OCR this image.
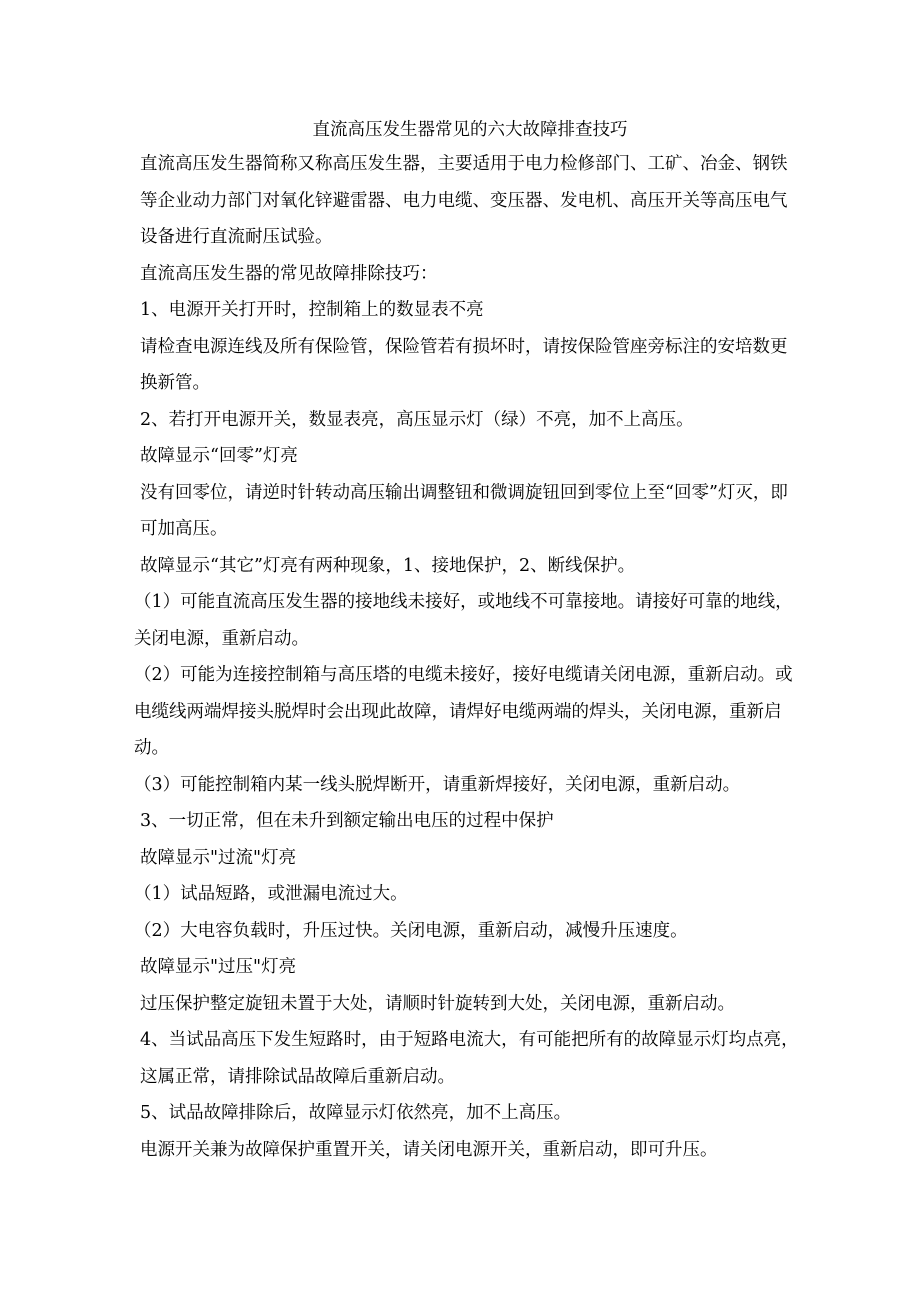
直流高压发生器常见的六大故障排查技巧

直流高压发生器简称又称高压发生器，主要适用于电力检修部门、工矿、冶金、钢铁等企业动力部门对氧化锌避雷器、电力电缆、变压器、发电机、高压开关等高压电气设备进行直流耐压试验。

直流高压发生器的常见故障排除技巧：

1、电源开关打开时，控制箱上的数显表不亮

请检查电源连线及所有保险管，保险管若有损坏时，请按保险管座旁标注的安培数更换新管。

2、若打开电源开关，数显表亮，高压显示灯（绿）不亮，加不上高压。

故障显示“回零”灯亮

没有回零位，请逆时针转动高压输出调整钮和微调旋钮回到零位上至“回零”灯灭，即可加高压。

故障显示“其它”灯亮有两种现象，1、接地保护，2、断线保护。

（1）可能直流高压发生器的接地线未接好，或地线不可靠接地。请接好可靠的地线，关闭电源，重新启动。

（2）可能为连接控制箱与高压塔的电缆未接好，接好电缆请关闭电源，重新启动。或电缆线两端焊接头脱焊时会出现此故障，请焊好电缆两端的焊头，关闭电源，重新启动。

（3）可能控制箱内某一线头脱焊断开，请重新焊接好，关闭电源，重新启动。

3、一切正常，但在未升到额定输出电压的过程中保护

故障显示"过流"灯亮

（1）试品短路，或泄漏电流过大。

（2）大电容负载时，升压过快。关闭电源，重新启动，减慢升压速度。

故障显示"过压"灯亮

过压保护整定旋钮未置于大处，请顺时针旋转到大处，关闭电源，重新启动。

4、当试品高压下发生短路时，由于短路电流大，有可能把所有的故障显示灯均点亮，这属正常，请排除试品故障后重新启动。

5、试品故障排除后，故障显示灯依然亮，加不上高压。

电源开关兼为故障保护重置开关，请关闭电源开关，重新启动，即可升压。
